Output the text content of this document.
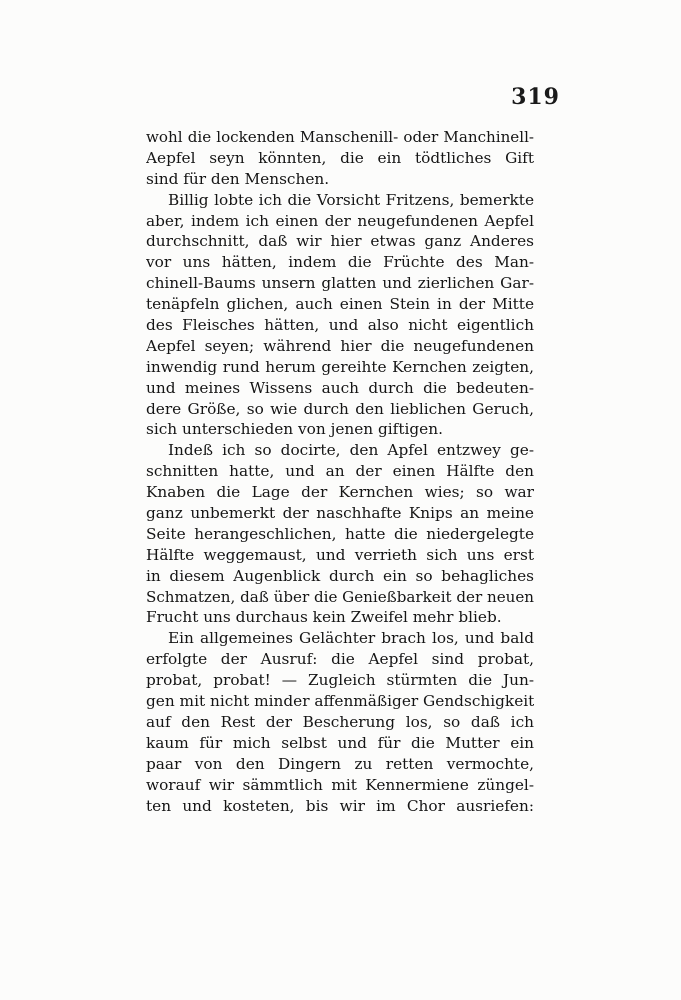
319
wohl die lockenden Manschenill- oder Manchinell-
Aepfel seyn könnten, die ein tödtliches Gift
sind für den Menschen.
Billig lobte ich die Vorsicht Fritzens, bemerkte
aber, indem ich einen der neugefundenen Aepfel
durchschnitt, daß wir hier etwas ganz Anderes
vor uns hätten, indem die Früchte des Man-
chinell-Baums unsern glatten und zierlichen Gar-
tenäpfeln glichen, auch einen Stein in der Mitte
des Fleisches hätten, und also nicht eigentlich
Aepfel seyen; während hier die neugefundenen
inwendig rund herum gereihte Kernchen zeigten,
und meines Wissens auch durch die bedeuten-
dere Größe, so wie durch den lieblichen Geruch,
sich unterschieden von jenen giftigen.
Indeß ich so docirte, den Apfel entzwey ge-
schnitten hatte, und an der einen Hälfte den
Knaben die Lage der Kernchen wies; so war
ganz unbemerkt der naschhafte Knips an meine
Seite herangeschlichen, hatte die niedergelegte
Hälfte weggemaust, und verrieth sich uns erst
in diesem Augenblick durch ein so behagliches
Schmatzen, daß über die Genießbarkeit der neuen
Frucht uns durchaus kein Zweifel mehr blieb.
Ein allgemeines Gelächter brach los, und bald
erfolgte der Ausruf: die Aepfel sind probat,
probat, probat! — Zugleich stürmten die Jun-
gen mit nicht minder affenmäßiger Gendschigkeit
auf den Rest der Bescherung los, so daß ich
kaum für mich selbst und für die Mutter ein
paar von den Dingern zu retten vermochte,
worauf wir sämmtlich mit Kennermiene züngel-
ten und kosteten, bis wir im Chor ausriefen:
